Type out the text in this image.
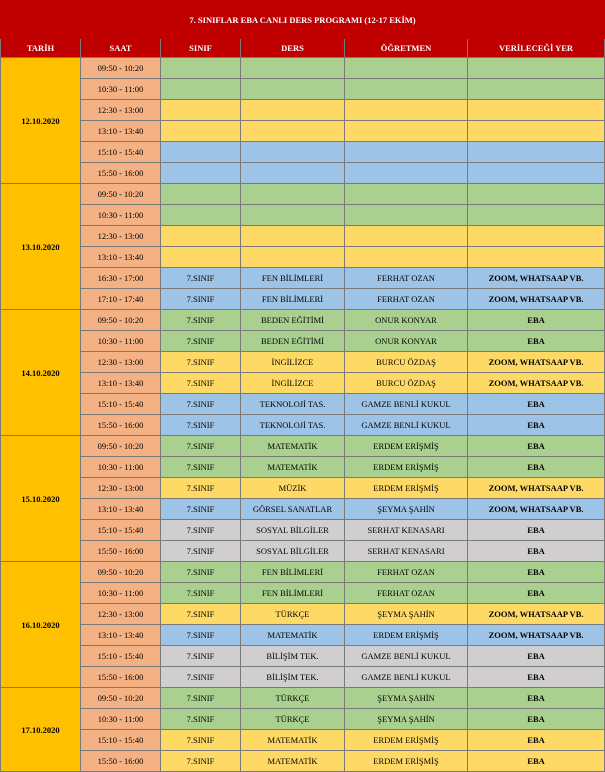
7. SINIFLAR EBA CANLI DERS PROGRAMI (12-17 EKİM)					
TARİH	SAAT	SINIF	DERS	ÖĞRETMEN	VERİLECEĞİ YER
12.10.2020	09:50 - 10:20				
	10:30 - 11:00				
	12:30 - 13:00				
	13:10 - 13:40				
	15:10 - 15:40				
	15:50 - 16:00				
13.10.2020	09:50 - 10:20				
	10:30 - 11:00				
	12:30 - 13:00				
	13:10 - 13:40				
	16:30 - 17:00	7.SINIF	FEN BİLİMLERİ	FERHAT OZAN	ZOOM, WHATSAAP VB.
	17:10 - 17:40	7.SINIF	FEN BİLİMLERİ	FERHAT OZAN	ZOOM, WHATSAAP VB.
14.10.2020	09:50 - 10:20	7.SINIF	BEDEN EĞİTİMİ	ONUR KONYAR	EBA
	10:30 - 11:00	7.SINIF	BEDEN EĞİTİMİ	ONUR KONYAR	EBA
	12:30 - 13:00	7.SINIF	İNGİLİZCE	BURCU ÖZDAŞ	ZOOM, WHATSAAP VB.
	13:10 - 13:40	7.SINIF	İNGİLİZCE	BURCU ÖZDAŞ	ZOOM, WHATSAAP VB.
	15:10 - 15:40	7.SINIF	TEKNOLOJİ TAS.	GAMZE BENLİ KUKUL	EBA
	15:50 - 16:00	7.SINIF	TEKNOLOJİ TAS.	GAMZE BENLİ KUKUL	EBA
15.10.2020	09:50 - 10:20	7.SINIF	MATEMATİK	ERDEM ERİŞMİŞ	EBA
	10:30 - 11:00	7.SINIF	MATEMATİK	ERDEM ERİŞMİŞ	EBA
	12:30 - 13:00	7.SINIF	MÜZİK	ERDEM ERİŞMİŞ	ZOOM, WHATSAAP VB.
	13:10 - 13:40	7.SINIF	GÖRSEL SANATLAR	ŞEYMA ŞAHİN	ZOOM, WHATSAAP VB.
	15:10 - 15:40	7.SINIF	SOSYAL BİLGİLER	SERHAT KENASARI	EBA
	15:50 - 16:00	7.SINIF	SOSYAL BİLGİLER	SERHAT KENASARI	EBA
16.10.2020	09:50 - 10:20	7.SINIF	FEN BİLİMLERİ	FERHAT OZAN	EBA
	10:30 - 11:00	7.SINIF	FEN BİLİMLERİ	FERHAT OZAN	EBA
	12:30 - 13:00	7.SINIF	TÜRKÇE	ŞEYMA ŞAHİN	ZOOM, WHATSAAP VB.
	13:10 - 13:40	7.SINIF	MATEMATİK	ERDEM ERİŞMİŞ	ZOOM, WHATSAAP VB.
	15:10 - 15:40	7.SINIF	BİLİŞİM TEK.	GAMZE BENLİ KUKUL	EBA
	15:50 - 16:00	7.SINIF	BİLİŞİM TEK.	GAMZE BENLİ KUKUL	EBA
17.10.2020	09:50 - 10:20	7.SINIF	TÜRKÇE	ŞEYMA ŞAHİN	EBA
	10:30 - 11:00	7.SINIF	TÜRKÇE	ŞEYMA ŞAHİN	EBA
	15:10 - 15:40	7.SINIF	MATEMATİK	ERDEM ERİŞMİŞ	EBA
	15:50 - 16:00	7.SINIF	MATEMATİK	ERDEM ERİŞMİŞ	EBA
